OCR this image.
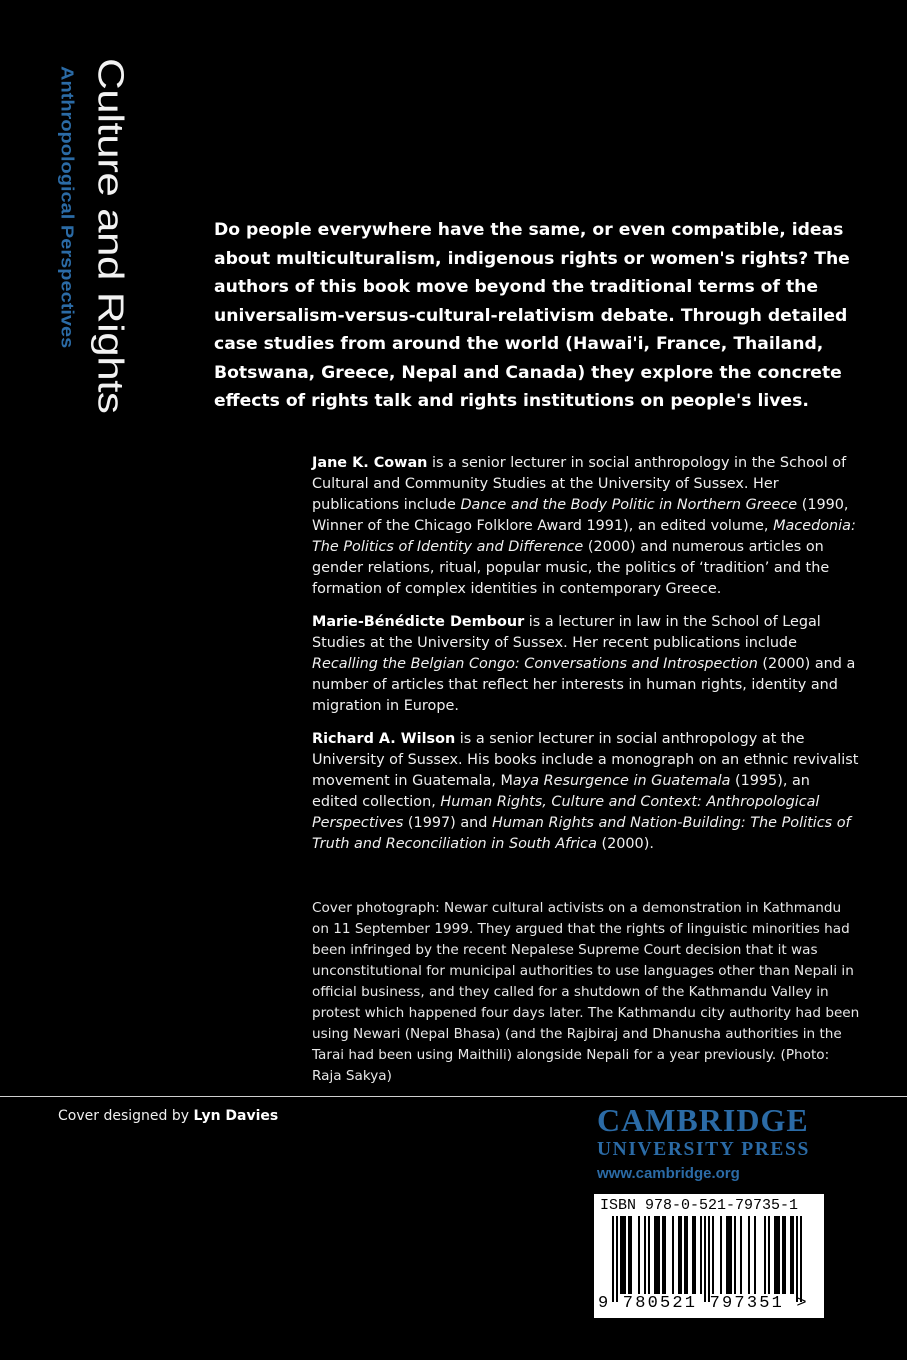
Culture and Rights
Anthropological Perspectives	Do people everywhere have the same, or even compatible, ideas about multiculturalism, indigenous rights or women's rights? The authors of this book move beyond the traditional terms of the universalism-versus-cultural-relativism debate. Through detailed case studies from around the world (Hawai'i, France, Thailand, Botswana, Greece, Nepal and Canada) they explore the concrete effects of rights talk and rights institutions on people's lives.

Jane K. Cowan is a senior lecturer in social anthropology in the School of Cultural and Community Studies at the University of Sussex. Her publications include Dance and the Body Politic in Northern Greece (1990, Winner of the Chicago Folklore Award 1991), an edited volume, Macedonia: The Politics of Identity and Difference (2000) and numerous articles on gender relations, ritual, popular music, the politics of ‘tradition’ and the formation of complex identities in contemporary Greece.

Marie-Bénédicte Dembour is a lecturer in law in the School of Legal Studies at the University of Sussex. Her recent publications include Recalling the Belgian Congo: Conversations and Introspection (2000) and a number of articles that reflect her interests in human rights, identity and migration in Europe.

Richard A. Wilson is a senior lecturer in social anthropology at the University of Sussex. His books include a monograph on an ethnic revivalist movement in Guatemala, Maya Resurgence in Guatemala (1995), an edited collection, Human Rights, Culture and Context: Anthropological Perspectives (1997) and Human Rights and Nation-Building: The Politics of Truth and Reconciliation in South Africa (2000).

Cover photograph: Newar cultural activists on a demonstration in Kathmandu on 11 September 1999. They argued that the rights of linguistic minorities had been infringed by the recent Nepalese Supreme Court decision that it was unconstitutional for municipal authorities to use languages other than Nepali in official business, and they called for a shutdown of the Kathmandu Valley in protest which happened four days later. The Kathmandu city authority had been using Newari (Nepal Bhasa) (and the Rajbiraj and Dhanusha authorities in the Tarai had been using Maithili) alongside Nepali for a year previously. (Photo: Raja Sakya)

Cover designed by Lyn Davies	CAMBRIDGE
UNIVERSITY PRESS
www.cambridge.org
ISBN 978-0-521-79735-1
9 780521 797351 >
